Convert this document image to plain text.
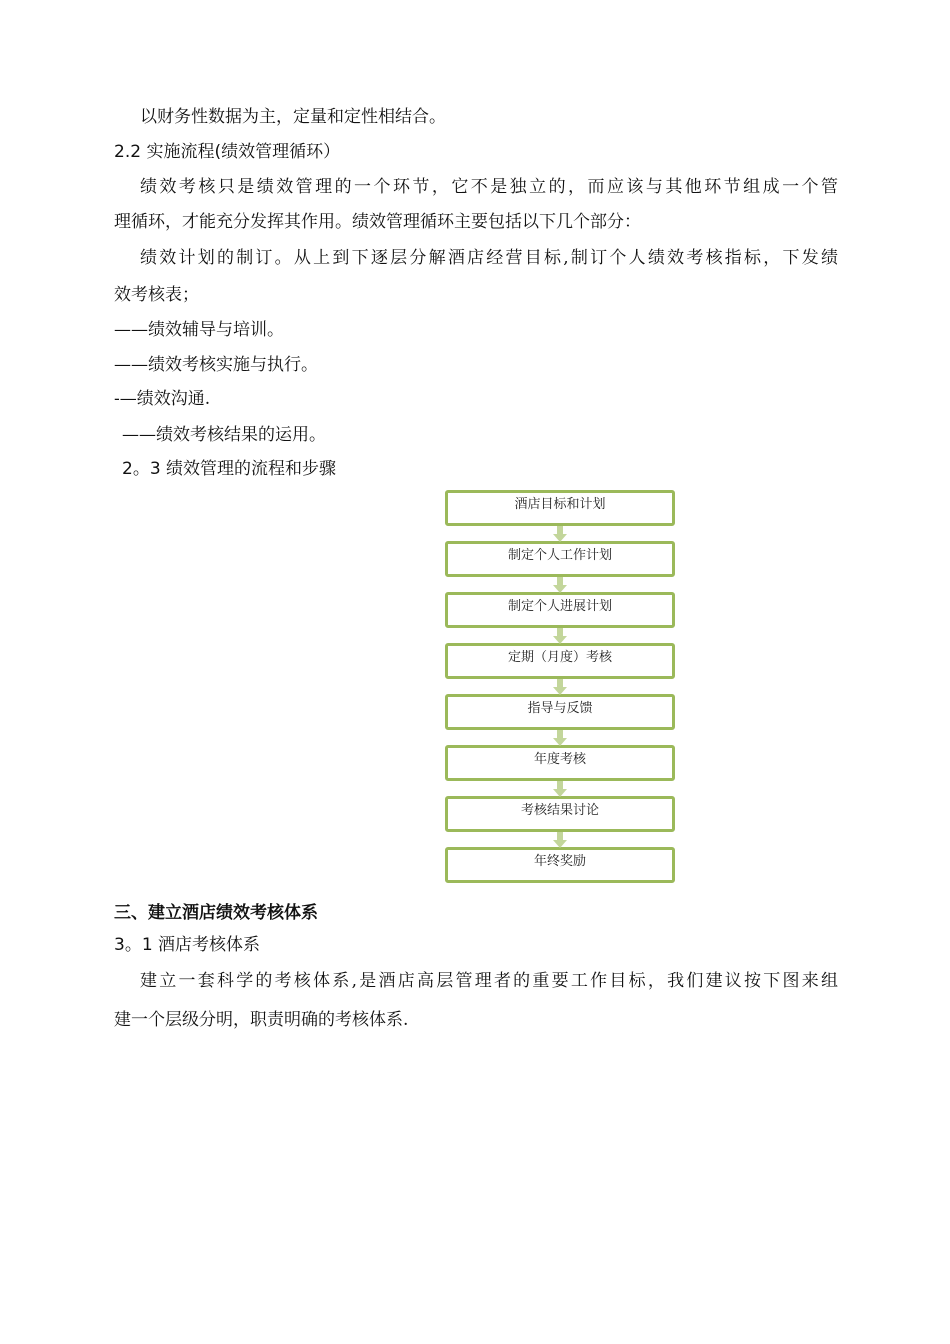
以财务性数据为主，定量和定性相结合。
2.2 实施流程(绩效管理循环）
绩效考核只是绩效管理的一个环节，它不是独立的，而应该与其他环节组成一个管
理循环，才能充分发挥其作用。绩效管理循环主要包括以下几个部分：
绩效计划的制订。从上到下逐层分解酒店经营目标,制订个人绩效考核指标，下发绩
效考核表；
——绩效辅导与培训。
——绩效考核实施与执行。
-—绩效沟通.
——绩效考核结果的运用。
2。3 绩效管理的流程和步骤
酒店目标和计划
制定个人工作计划
制定个人进展计划
定期（月度）考核
指导与反馈
年度考核
考核结果讨论
年终奖励
三、建立酒店绩效考核体系
3。1 酒店考核体系
建立一套科学的考核体系,是酒店高层管理者的重要工作目标，我们建议按下图来组
建一个层级分明，职责明确的考核体系.
